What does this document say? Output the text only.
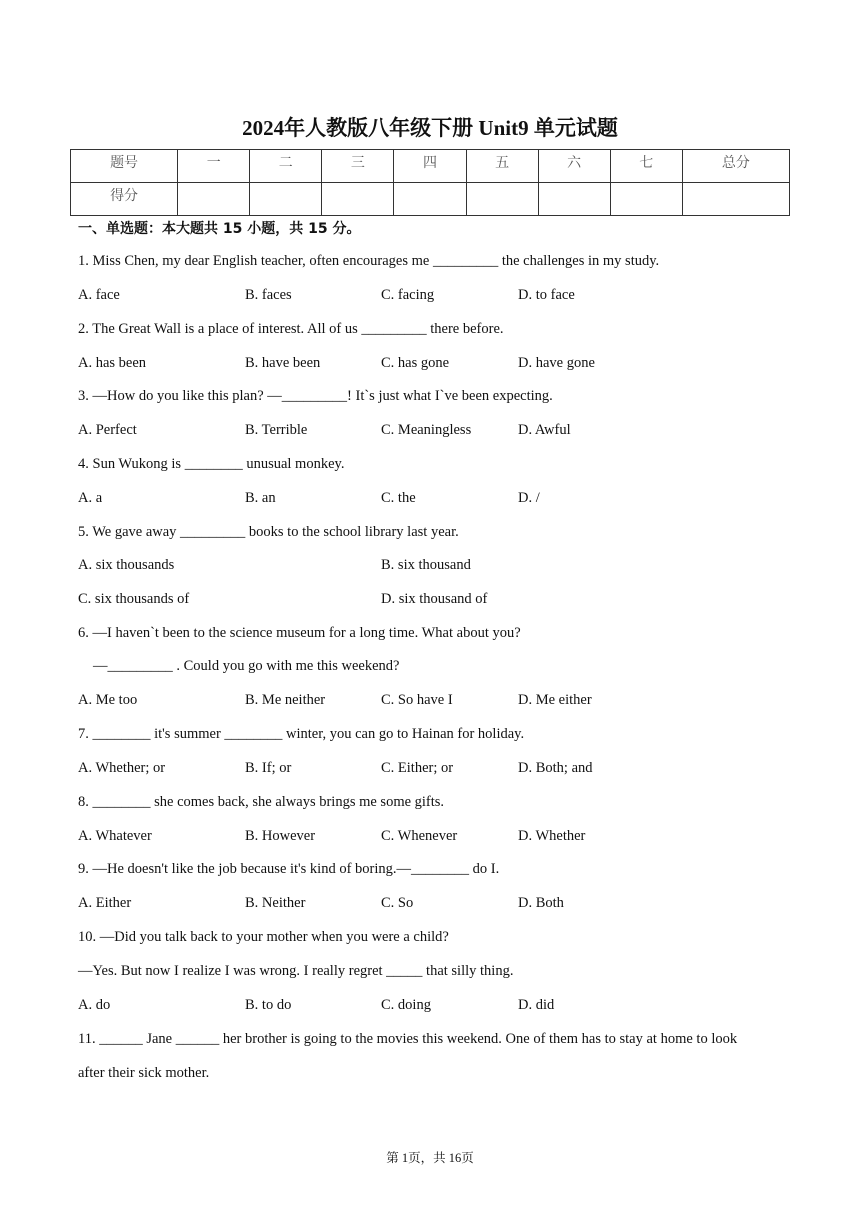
2024年人教版八年级下册 Unit9 单元试题
题号	一	二	三	四	五	六	七	总分
得分								
一、单选题：本大题共 15 小题，共 15 分。
1. Miss Chen, my dear English teacher, often encourages me _________ the challenges in my study.
A. face	B. faces	C. facing	D. to face
2. The Great Wall is a place of interest. All of us _________ there before.
A. has been	B. have been	C. has gone	D. have gone
3. —How do you like this plan? —_________! It`s just what I`ve been expecting.
A. Perfect	B. Terrible	C. Meaningless	D. Awful
4. Sun Wukong is ________ unusual monkey.
A. a	B. an	C. the	D. /
5. We gave away _________ books to the school library last year.
A. six thousands	B. six thousand
C. six thousands of	D. six thousand of
6. —I haven`t been to the science museum for a long time. What about you?
—_________ . Could you go with me this weekend?
A. Me too	B. Me neither	C. So have I	D. Me either
7. ________ it's summer ________ winter, you can go to Hainan for holiday.
A. Whether; or	B. If; or	C. Either; or	D. Both; and
8. ________ she comes back, she always brings me some gifts.
A. Whatever	B. However	C. Whenever	D. Whether
9. —He doesn't like the job because it's kind of boring.—________ do I.
A. Either	B. Neither	C. So	D. Both
10. —Did you talk back to your mother when you were a child?
—Yes. But now I realize I was wrong. I really regret _____ that silly thing.
A. do	B. to do	C. doing	D. did
11. ______ Jane ______ her brother is going to the movies this weekend. One of them has to stay at home to look
after their sick mother.
第 1页，共 16页
